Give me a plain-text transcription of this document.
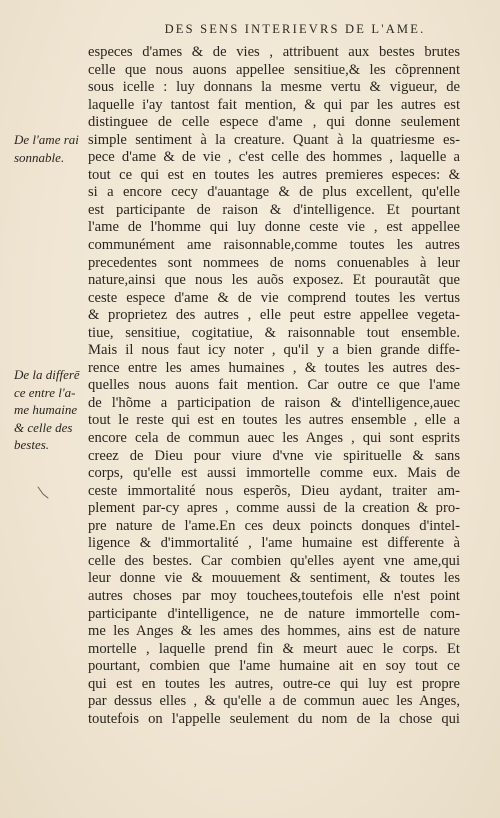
DES SENS INTERIEVRS DE L'AME.
De l'ame rai
sonnable.
De la differē
ce entre l'a-
me humaine
& celle des
bestes.
especes d'ames & de vies , attribuent aux bestes brutes
celle que nous auons appellee sensitiue,& les cõprennent
sous icelle : luy donnans la mesme vertu & vigueur, de
laquelle i'ay tantost fait mention, & qui par les autres est
distinguee de celle espece d'ame , qui donne seulement
simple sentiment à la creature. Quant à la quatriesme es-
pece d'ame & de vie , c'est celle des hommes , laquelle a
tout ce qui est en toutes les autres premieres especes: &
si a encore cecy d'auantage & de plus excellent, qu'elle
est participante de raison & d'intelligence. Et pourtant
l'ame de l'homme qui luy donne ceste vie , est appellee
communément ame raisonnable,comme toutes les autres
precedentes sont nommees de noms conuenables à leur
nature,ainsi que nous les auõs exposez. Et pourautãt que
ceste espece d'ame & de vie comprend toutes les vertus
& proprietez des autres , elle peut estre appellee vegeta-
tiue, sensitiue, cogitatiue, & raisonnable tout ensemble.
Mais il nous faut icy noter , qu'il y a bien grande diffe-
rence entre les ames humaines , & toutes les autres des-
quelles nous auons fait mention. Car outre ce que l'ame
de l'hõme a participation de raison & d'intelligence,auec
tout le reste qui est en toutes les autres ensemble , elle a
encore cela de commun auec les Anges , qui sont esprits
creez de Dieu pour viure d'vne vie spirituelle & sans
corps, qu'elle est aussi immortelle comme eux. Mais de
ceste immortalité nous esperõs, Dieu aydant, traiter am-
plement par-cy apres , comme aussi de la creation & pro-
pre nature de l'ame.En ces deux poincts donques d'intel-
ligence & d'immortalité , l'ame humaine est differente à
celle des bestes. Car combien qu'elles ayent vne ame,qui
leur donne vie & mouuement & sentiment, & toutes les
autres choses par moy touchees,toutefois elle n'est point
participante d'intelligence, ne de nature immortelle com-
me les Anges & les ames des hommes, ains est de nature
mortelle , laquelle prend fin & meurt auec le corps. Et
pourtant, combien que l'ame humaine ait en soy tout ce
qui est en toutes les autres, outre-ce qui luy est propre
par dessus elles , & qu'elle a de commun auec les Anges,
toutefois on l'appelle seulement du nom de la chose qui
